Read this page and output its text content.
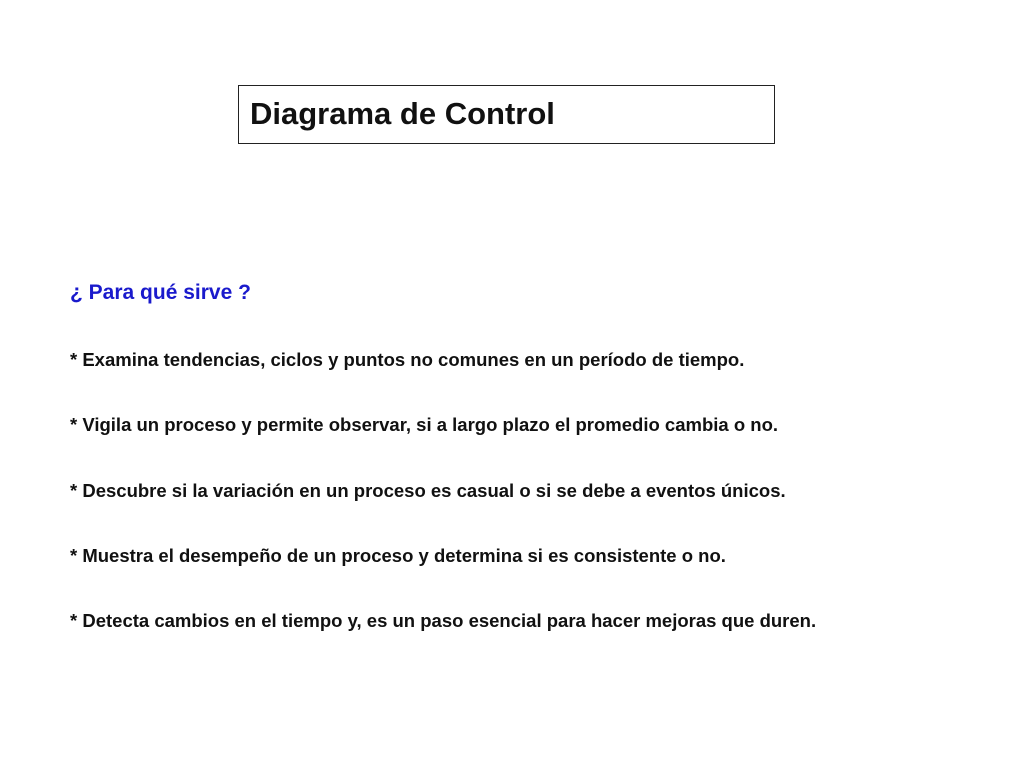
Diagrama de Control
¿ Para qué sirve ?
* Examina tendencias, ciclos y puntos no comunes en un período de tiempo.
* Vigila un proceso y permite observar, si a largo plazo el promedio cambia o no.
* Descubre si la variación en un proceso es casual o si se debe a eventos únicos.
* Muestra el desempeño de un proceso y determina si es consistente o no.
* Detecta cambios en el tiempo y, es un paso esencial para hacer mejoras que duren.
